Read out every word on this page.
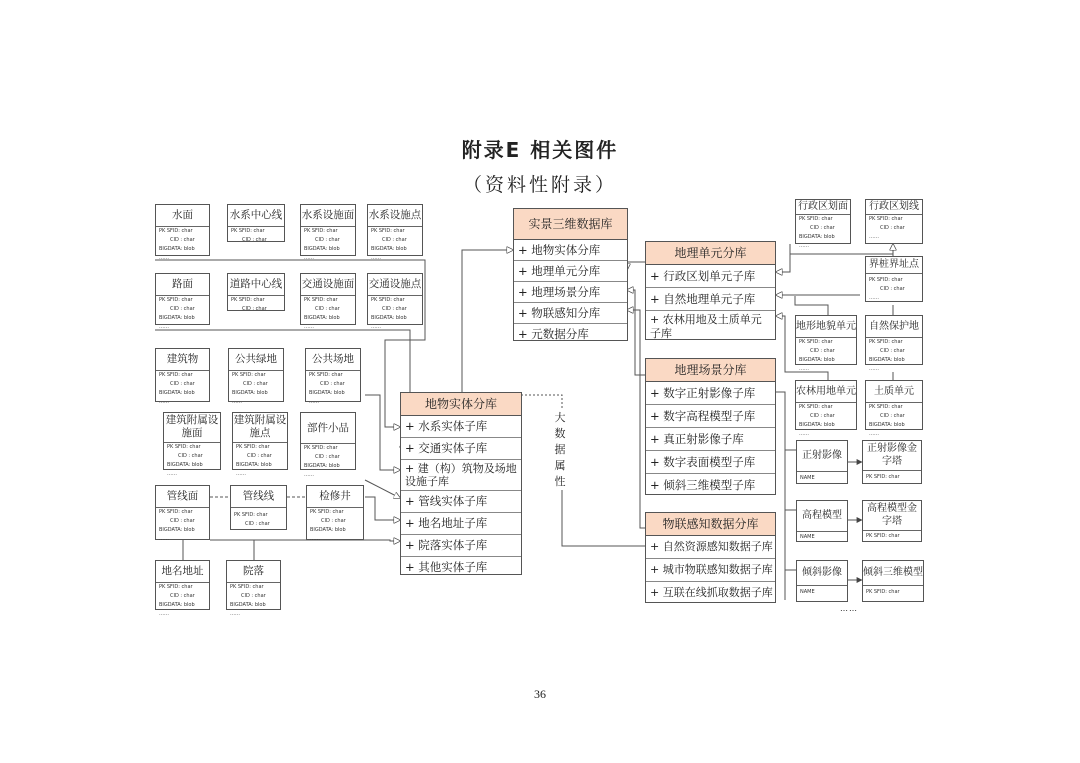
附录E 相关图件
（资料性附录）
实景三维数据库
+ 地物实体分库
+ 地理单元分库
+ 地理场景分库
+ 物联感知分库
+ 元数据分库
地物实体分库
+ 水系实体子库
+ 交通实体子库
+ 建（构）筑物及场地设施子库
+ 管线实体子库
+ 地名地址子库
+ 院落实体子库
+ 其他实体子库
地理单元分库
+ 行政区划单元子库
+ 自然地理单元子库
+ 农林用地及土质单元子库
地理场景分库
+ 数字正射影像子库
+ 数字高程模型子库
+ 真正射影像子库
+ 数字表面模型子库
+ 倾斜三维模型子库
物联感知数据分库
+ 自然资源感知数据子库
+ 城市物联感知数据子库
+ 互联在线抓取数据子库
大数据属性
水面
PK SFID: char
CID : char
BIGDATA: blob
……
水系中心线
PK SFID: char
CID : char
水系设施面
PK SFID: char
CID : char
BIGDATA: blob
……
水系设施点
PK SFID: char
CID : char
BIGDATA: blob
……
路面
PK SFID: char
CID : char
BIGDATA: blob
……
道路中心线
PK SFID: char
CID : char
交通设施面
PK SFID: char
CID : char
BIGDATA: blob
……
交通设施点
PK SFID: char
CID : char
BIGDATA: blob
……
建筑物
PK SFID: char
CID : char
BIGDATA: blob
……
公共绿地
PK SFID: char
CID : char
BIGDATA: blob
……
公共场地
PK SFID: char
CID : char
BIGDATA: blob
……
建筑附属设施面
PK SFID: char
CID : char
BIGDATA: blob
……
建筑附属设施点
PK SFID: char
CID : char
BIGDATA: blob
……
部件小品
PK SFID: char
CID : char
BIGDATA: blob
……
管线面
PK SFID: char
CID : char
BIGDATA: blob
……
管线线
PK SFID: char
CID : char
检修井
PK SFID: char
CID : char
BIGDATA: blob
……
地名地址
PK SFID: char
CID : char
BIGDATA: blob
……
院落
PK SFID: char
CID : char
BIGDATA: blob
……
行政区划面
PK SFID: char
CID : char
BIGDATA: blob
……
行政区划线
PK SFID: char
CID : char
……
界桩界址点
PK SFID: char
CID : char
……
地形地貌单元
PK SFID: char
CID : char
BIGDATA: blob
……
自然保护地
PK SFID: char
CID : char
BIGDATA: blob
……
农林用地单元
PK SFID: char
CID : char
BIGDATA: blob
……
土质单元
PK SFID: char
CID : char
BIGDATA: blob
……
正射影像
NAME
正射影像金字塔
PK SFID: char
高程模型
NAME
高程模型金字塔
PK SFID: char
倾斜影像
NAME
倾斜三维模型
PK SFID: char
……
36
